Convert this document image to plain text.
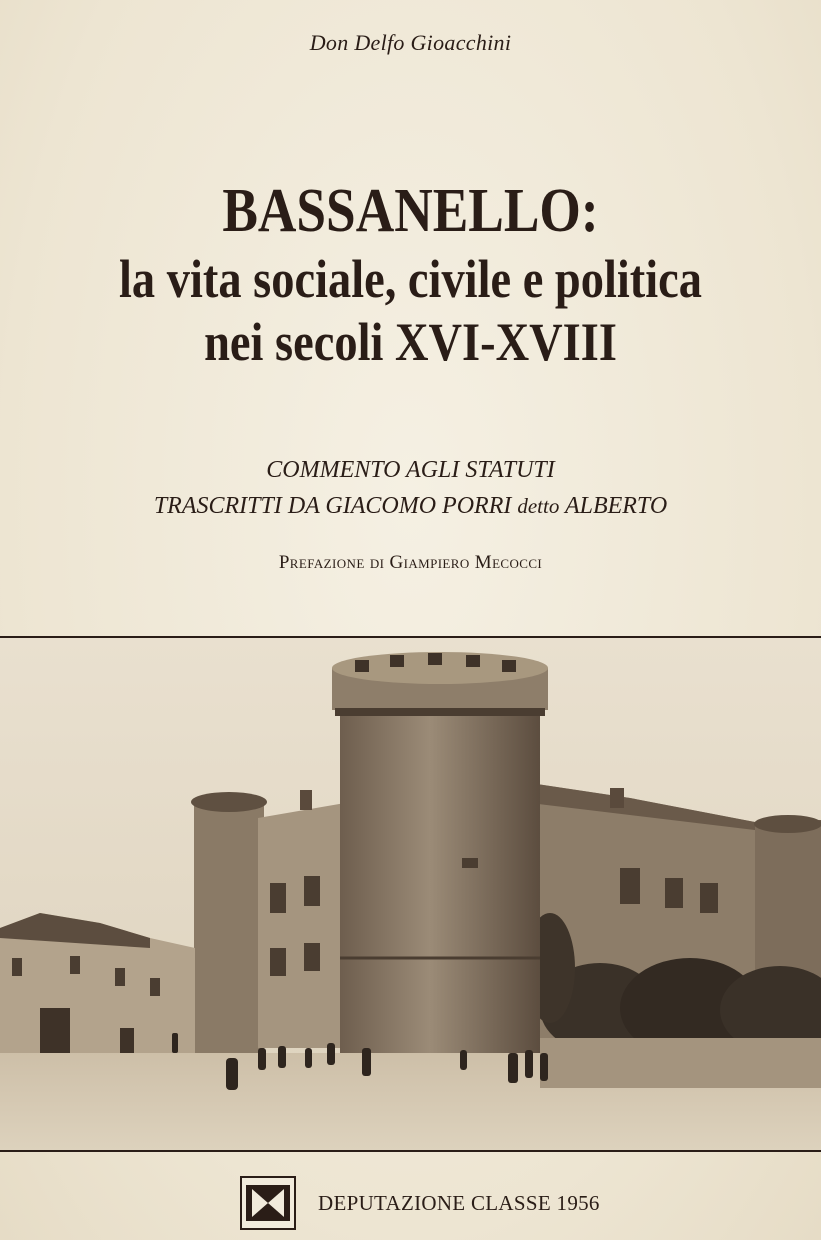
Don Delfo Gioacchini
BASSANELLO:
la vita sociale, civile e politica
nei secoli XVI-XVIII
COMMENTO AGLI STATUTI
TRASCRITTI DA GIACOMO PORRI detto ALBERTO
Prefazione di Giampiero Mecocci
DEPUTAZIONE CLASSE 1956
